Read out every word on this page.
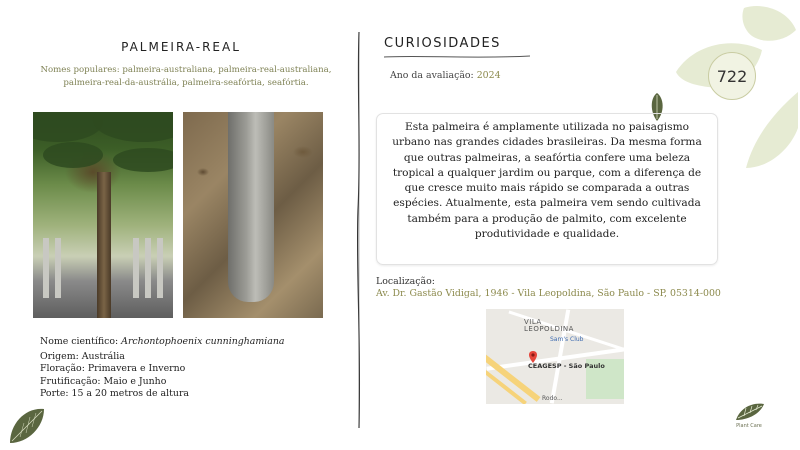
PALMEIRA-REAL
Nomes populares: palmeira-australiana, palmeira-real-australiana, palmeira-real-da-austrália, palmeira-seafórtia, seafórtia.
Nome científico: Archontophoenix cunninghamiana
Origem: Austrália
Floração: Primavera e Inverno
Frutificação: Maio e Junho
Porte: 15 a 20 metros de altura
CURIOSIDADES
Ano da avaliação: 2024	722
Esta palmeira é amplamente utilizada no paisagismo urbano nas grandes cidades brasileiras. Da mesma forma que outras palmeiras, a seafórtia confere uma beleza tropical a qualquer jardim ou parque, com a diferença de que cresce muito mais rápido se comparada a outras espécies. Atualmente, esta palmeira vem sendo cultivada também para a produção de palmito, com excelente produtividade e qualidade.
Localização:
Av. Dr. Gastão Vidigal, 1946 - Vila Leopoldina, São Paulo - SP, 05314-000
VILA
LEOPOLDINA
Sam's Club
CEAGESP - São Paulo
Rodo...
Plant Care
